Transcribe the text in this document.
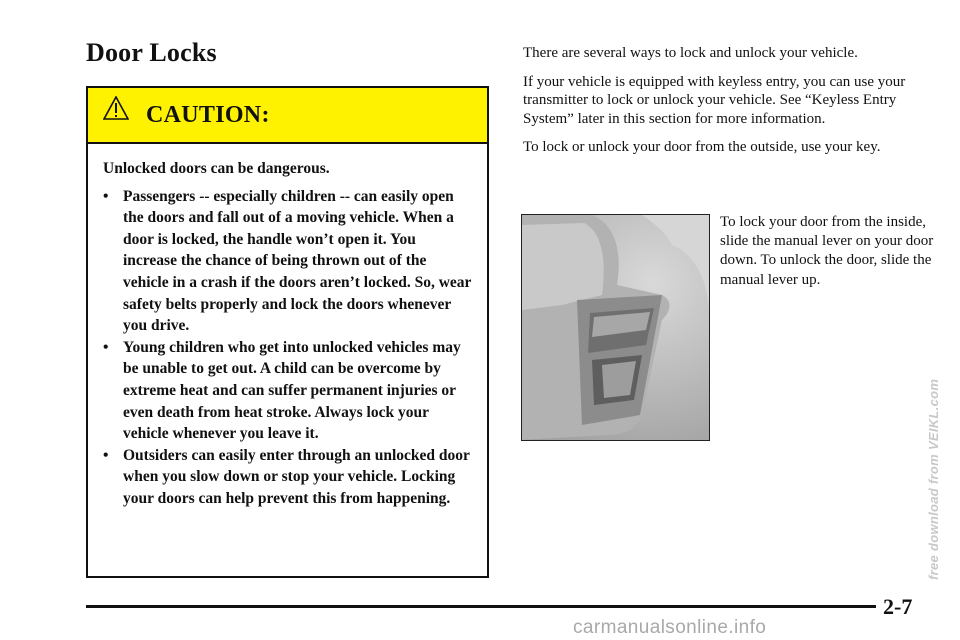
Door Locks
CAUTION:

Unlocked doors can be dangerous.

• Passengers -- especially children -- can easily open the doors and fall out of a moving vehicle. When a door is locked, the handle won’t open it. You increase the chance of being thrown out of the vehicle in a crash if the doors aren’t locked. So, wear safety belts properly and lock the doors whenever you drive.
• Young children who get into unlocked vehicles may be unable to get out. A child can be overcome by extreme heat and can suffer permanent injuries or even death from heat stroke. Always lock your vehicle whenever you leave it.
• Outsiders can easily enter through an unlocked door when you slow down or stop your vehicle. Locking your doors can help prevent this from happening.

There are several ways to lock and unlock your vehicle.

If your vehicle is equipped with keyless entry, you can use your transmitter to lock or unlock your vehicle. See “Keyless Entry System” later in this section for more information.

To lock or unlock your door from the outside, use your key.

To lock your door from the inside, slide the manual lever on your door down. To unlock the door, slide the manual lever up.

free download from VEIKL.com
2-7
carmanualsonline.info
